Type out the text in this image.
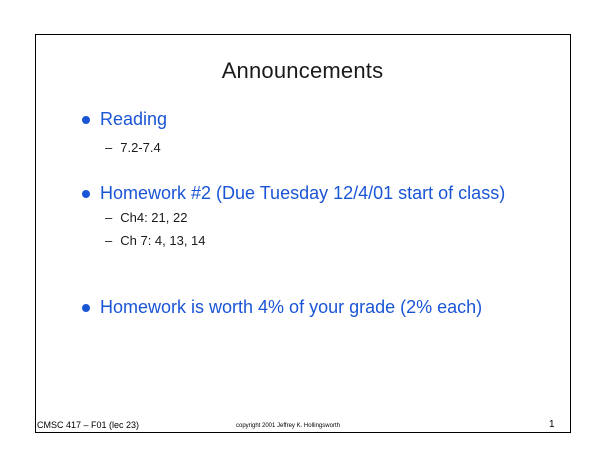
Announcements
Reading
– 7.2-7.4
Homework #2 (Due Tuesday 12/4/01 start of class)
– Ch4: 21, 22
– Ch 7: 4, 13, 14
Homework is worth 4% of your grade (2% each)
CMSC 417 – F01 (lec 23)	copyright 2001 Jeffrey K. Hollingsworth	1
